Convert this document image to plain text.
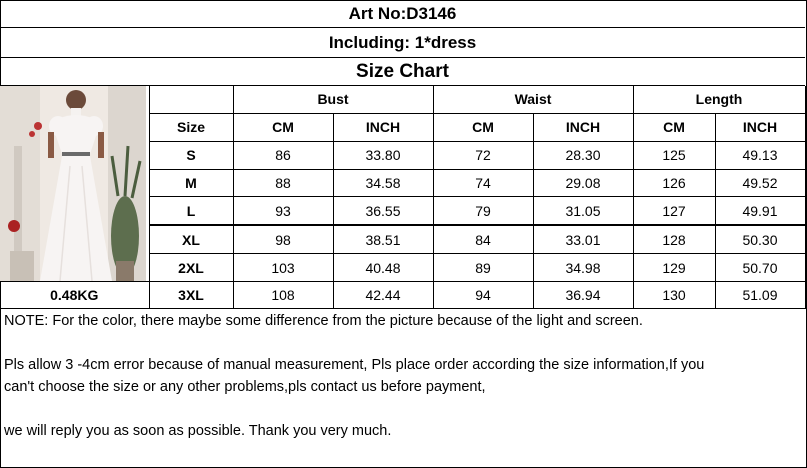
Art No:D3146
Including: 1*dress
Size Chart
		Bust		Waist		Length	
	Size	CM	INCH	CM	INCH	CM	INCH
	S	86	33.80	72	28.30	125	49.13
	M	88	34.58	74	29.08	126	49.52
	L	93	36.55	79	31.05	127	49.91
	XL	98	38.51	84	33.01	128	50.30
	2XL	103	40.48	89	34.98	129	50.70
0.48KG	3XL	108	42.44	94	36.94	130	51.09

NOTE: For the color, there maybe some difference from the picture because of the light and screen.

Pls allow 3 -4cm error because of manual measurement, Pls place order according the size information,If you

can't choose the size or any other problems,pls contact us before payment,

we will reply you as soon as possible. Thank you very much.
